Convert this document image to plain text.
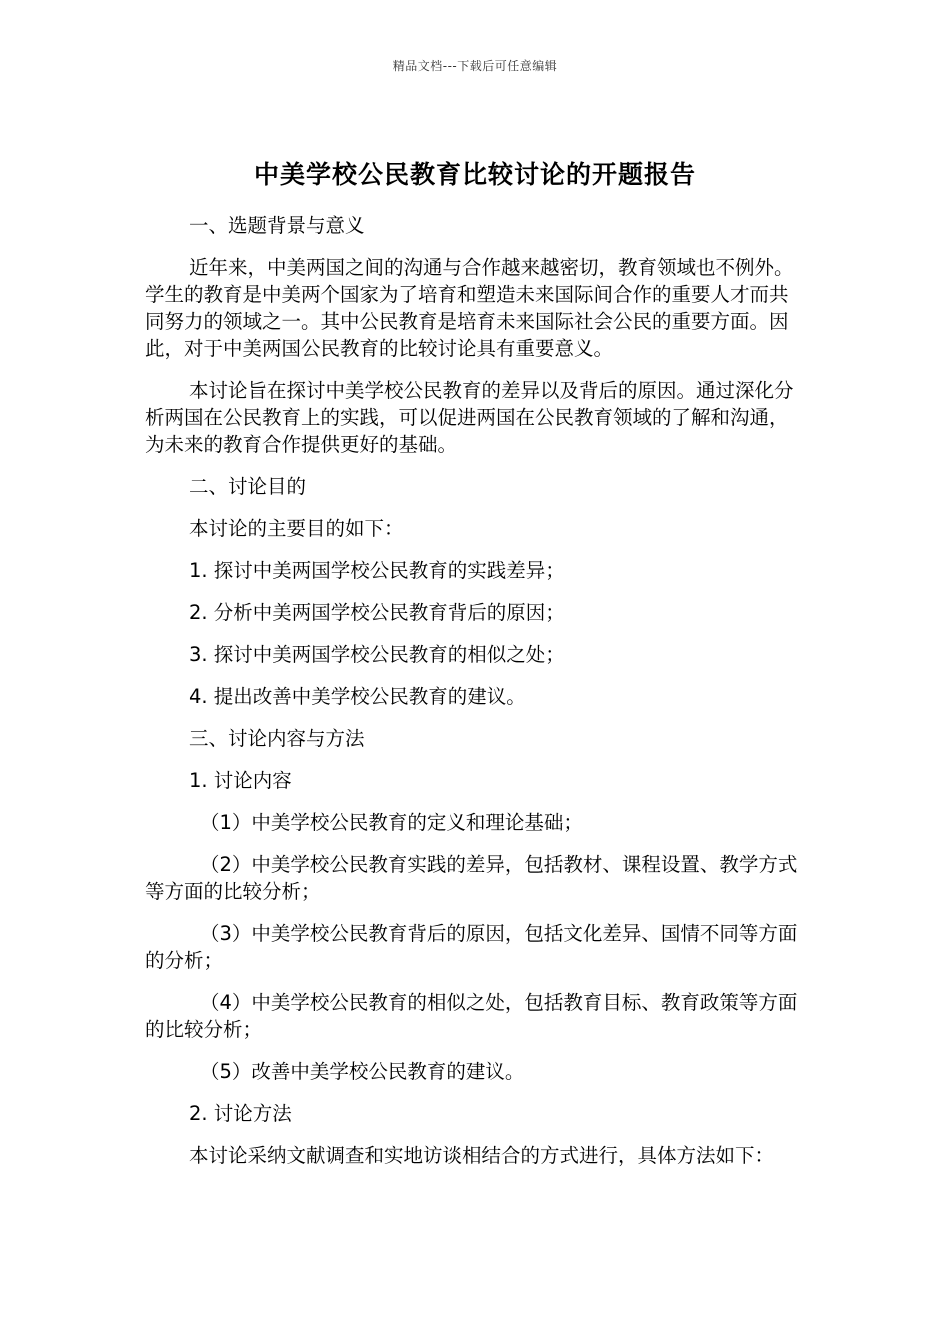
精品文档---下载后可任意编辑
中美学校公民教育比较讨论的开题报告

一、选题背景与意义

近年来，中美两国之间的沟通与合作越来越密切，教育领域也不例外。学生的教育是中美两个国家为了培育和塑造未来国际间合作的重要人才而共同努力的领域之一。其中公民教育是培育未来国际社会公民的重要方面。因此，对于中美两国公民教育的比较讨论具有重要意义。

本讨论旨在探讨中美学校公民教育的差异以及背后的原因。通过深化分析两国在公民教育上的实践，可以促进两国在公民教育领域的了解和沟通，为未来的教育合作提供更好的基础。

二、讨论目的

本讨论的主要目的如下：

1. 探讨中美两国学校公民教育的实践差异；

2. 分析中美两国学校公民教育背后的原因；

3. 探讨中美两国学校公民教育的相似之处；

4. 提出改善中美学校公民教育的建议。

三、讨论内容与方法

1. 讨论内容

（1）中美学校公民教育的定义和理论基础；

（2）中美学校公民教育实践的差异，包括教材、课程设置、教学方式等方面的比较分析；

（3）中美学校公民教育背后的原因，包括文化差异、国情不同等方面的分析；

（4）中美学校公民教育的相似之处，包括教育目标、教育政策等方面的比较分析；

（5）改善中美学校公民教育的建议。

2. 讨论方法

本讨论采纳文献调查和实地访谈相结合的方式进行，具体方法如下：
